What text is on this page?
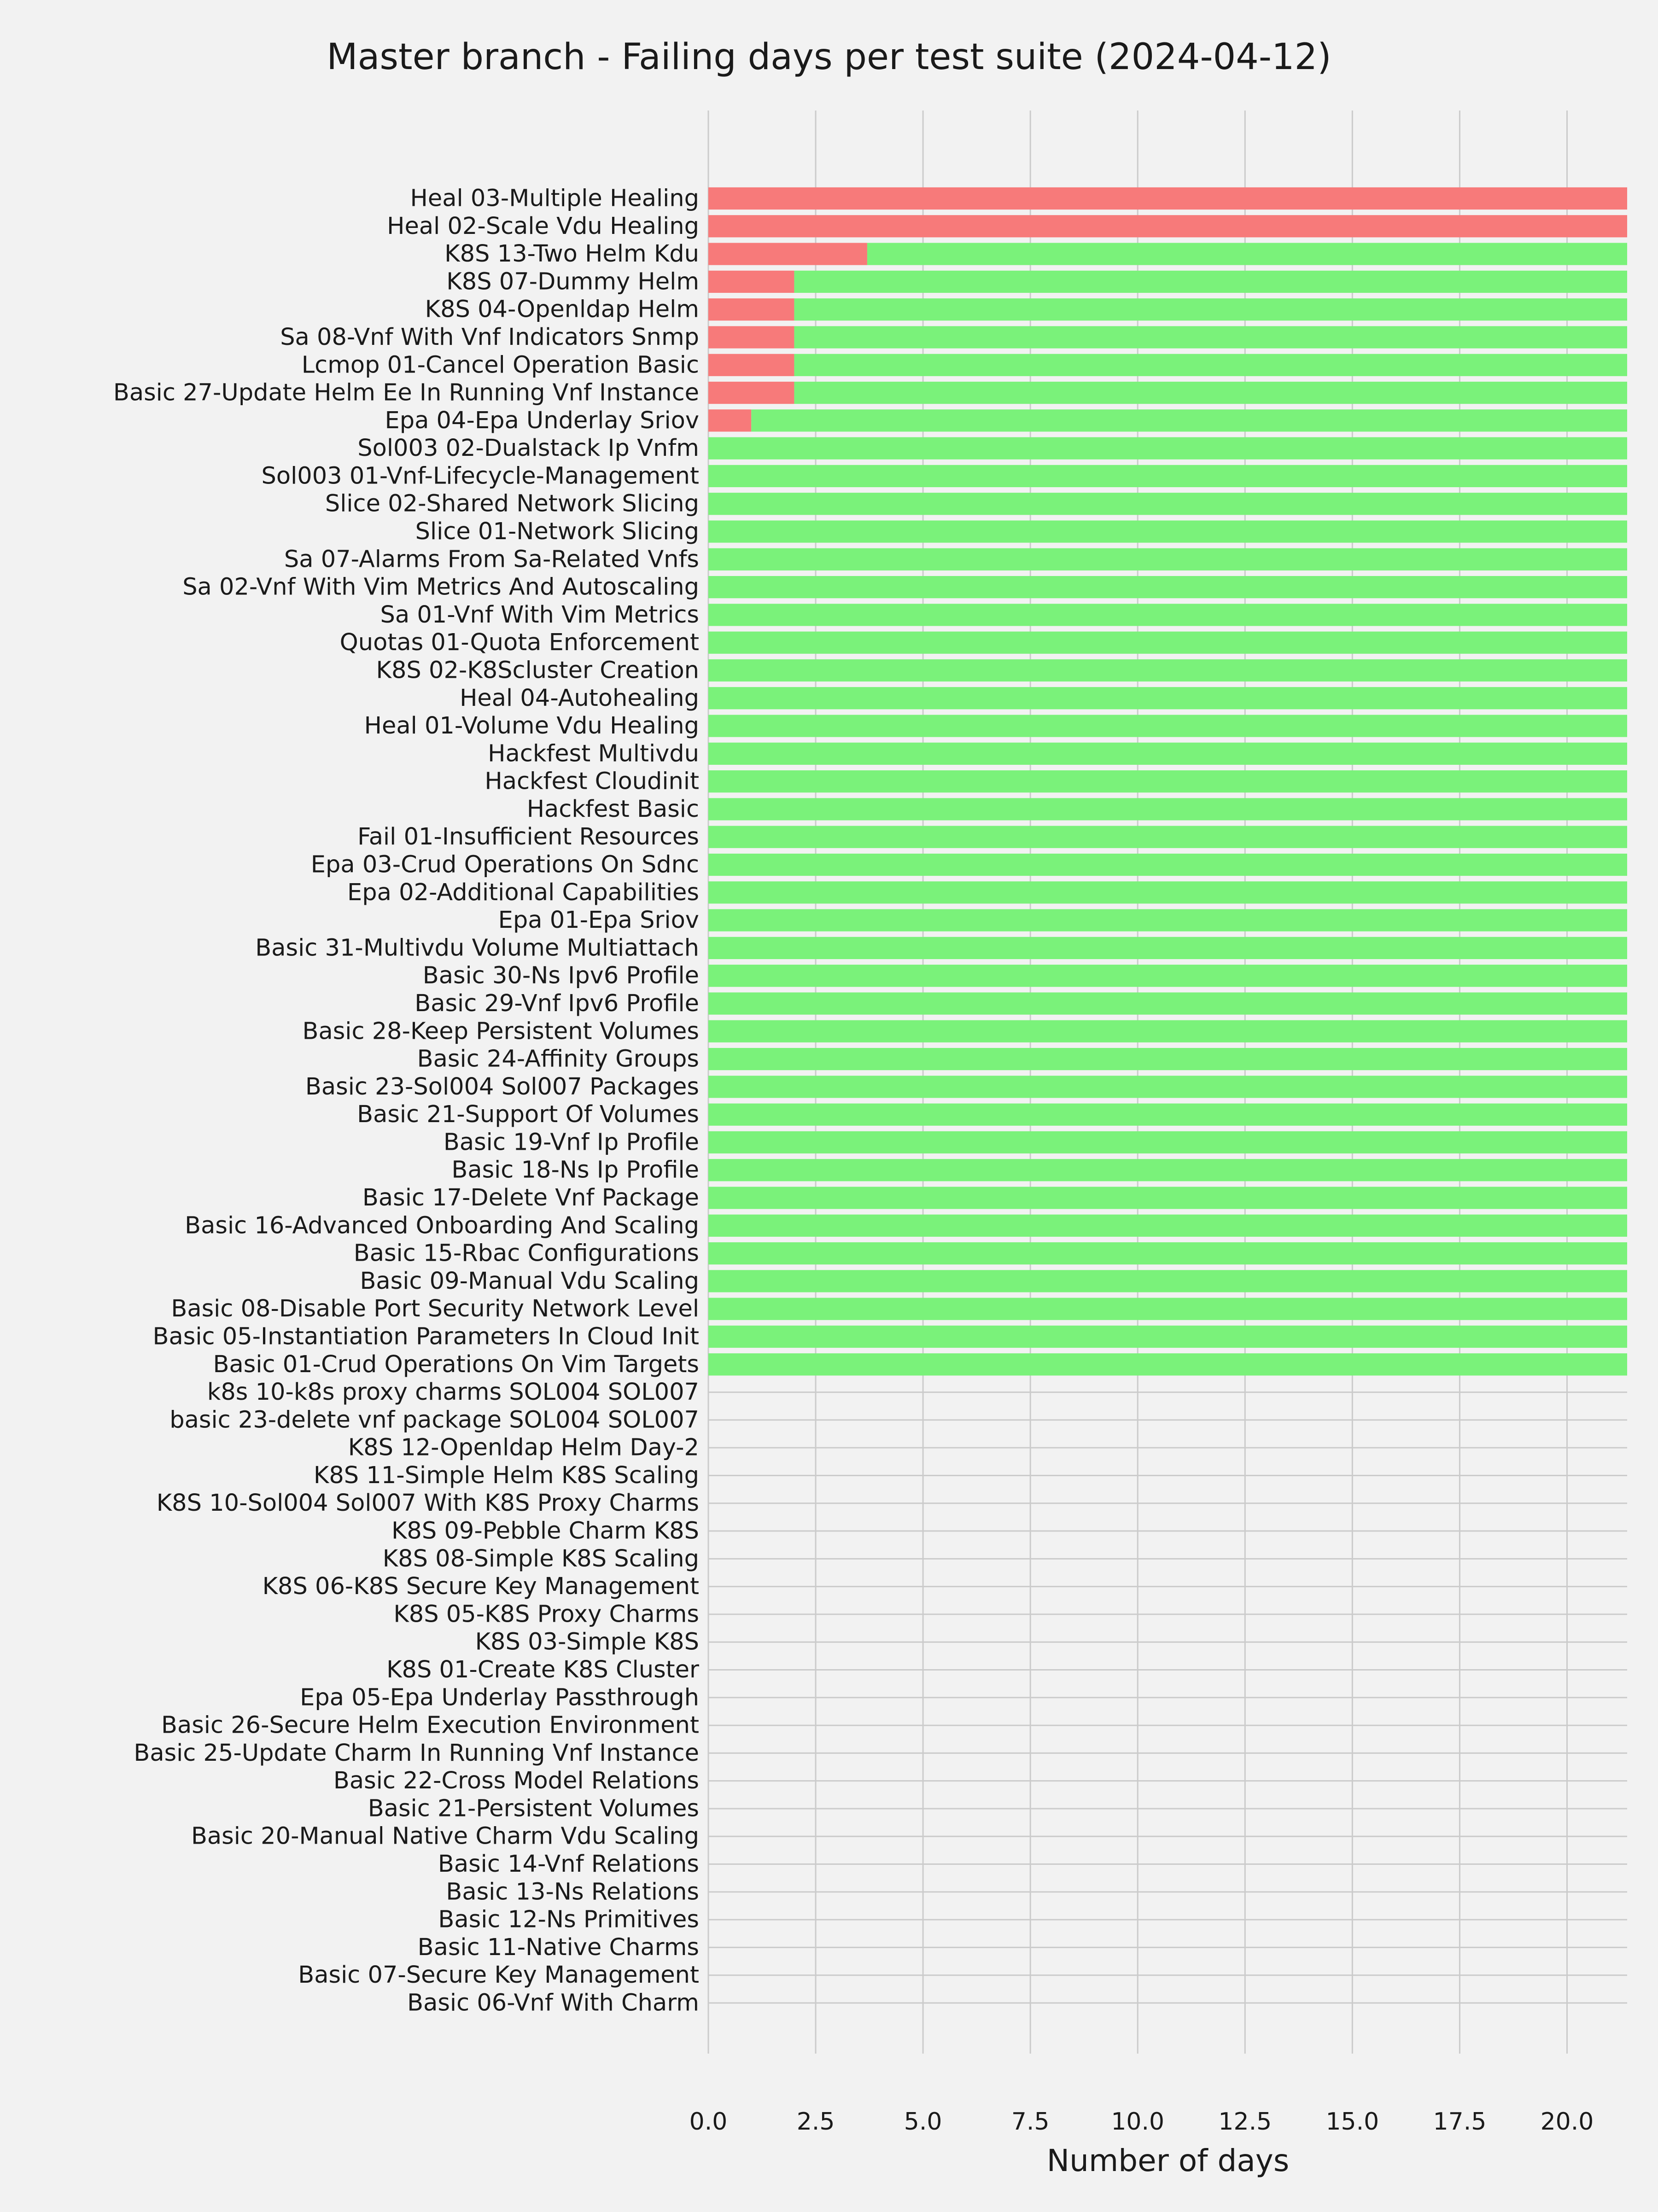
Heal 03-Multiple Healing
Heal 02-Scale Vdu Healing
K8S 13-Two Helm Kdu
K8S 07-Dummy Helm
K8S 04-Openldap Helm
Sa 08-Vnf With Vnf Indicators Snmp
Lcmop 01-Cancel Operation Basic
Basic 27-Update Helm Ee In Running Vnf Instance
Epa 04-Epa Underlay Sriov
Sol003 02-Dualstack Ip Vnfm
Sol003 01-Vnf-Lifecycle-Management
Slice 02-Shared Network Slicing
Slice 01-Network Slicing
Sa 07-Alarms From Sa-Related Vnfs
Sa 02-Vnf With Vim Metrics And Autoscaling
Sa 01-Vnf With Vim Metrics
Quotas 01-Quota Enforcement
K8S 02-K8Scluster Creation
Heal 04-Autohealing
Heal 01-Volume Vdu Healing
Hackfest Multivdu
Hackfest Cloudinit
Hackfest Basic
Fail 01-Insufficient Resources
Epa 03-Crud Operations On Sdnc
Epa 02-Additional Capabilities
Epa 01-Epa Sriov
Basic 31-Multivdu Volume Multiattach
Basic 30-Ns Ipv6 Profile
Basic 29-Vnf Ipv6 Profile
Basic 28-Keep Persistent Volumes
Basic 24-Affinity Groups
Basic 23-Sol004 Sol007 Packages
Basic 21-Support Of Volumes
Basic 19-Vnf Ip Profile
Basic 18-Ns Ip Profile
Basic 17-Delete Vnf Package
Basic 16-Advanced Onboarding And Scaling
Basic 15-Rbac Configurations
Basic 09-Manual Vdu Scaling
Basic 08-Disable Port Security Network Level
Basic 05-Instantiation Parameters In Cloud Init
Basic 01-Crud Operations On Vim Targets
k8s 10-k8s proxy charms SOL004 SOL007
basic 23-delete vnf package SOL004 SOL007
K8S 12-Openldap Helm Day-2
K8S 11-Simple Helm K8S Scaling
K8S 10-Sol004 Sol007 With K8S Proxy Charms
K8S 09-Pebble Charm K8S
K8S 08-Simple K8S Scaling
K8S 06-K8S Secure Key Management
K8S 05-K8S Proxy Charms
K8S 03-Simple K8S
K8S 01-Create K8S Cluster
Epa 05-Epa Underlay Passthrough
Basic 26-Secure Helm Execution Environment
Basic 25-Update Charm In Running Vnf Instance
Basic 22-Cross Model Relations
Basic 21-Persistent Volumes
Basic 20-Manual Native Charm Vdu Scaling
Basic 14-Vnf Relations
Basic 13-Ns Relations
Basic 12-Ns Primitives
Basic 11-Native Charms
Basic 07-Secure Key Management
Basic 06-Vnf With Charm
0.0	2.5	5.0	7.5	10.0 12.5 15.0 17.5 20.0
Master branch - Failing days per test suite (2024-04-12)
Number of days
